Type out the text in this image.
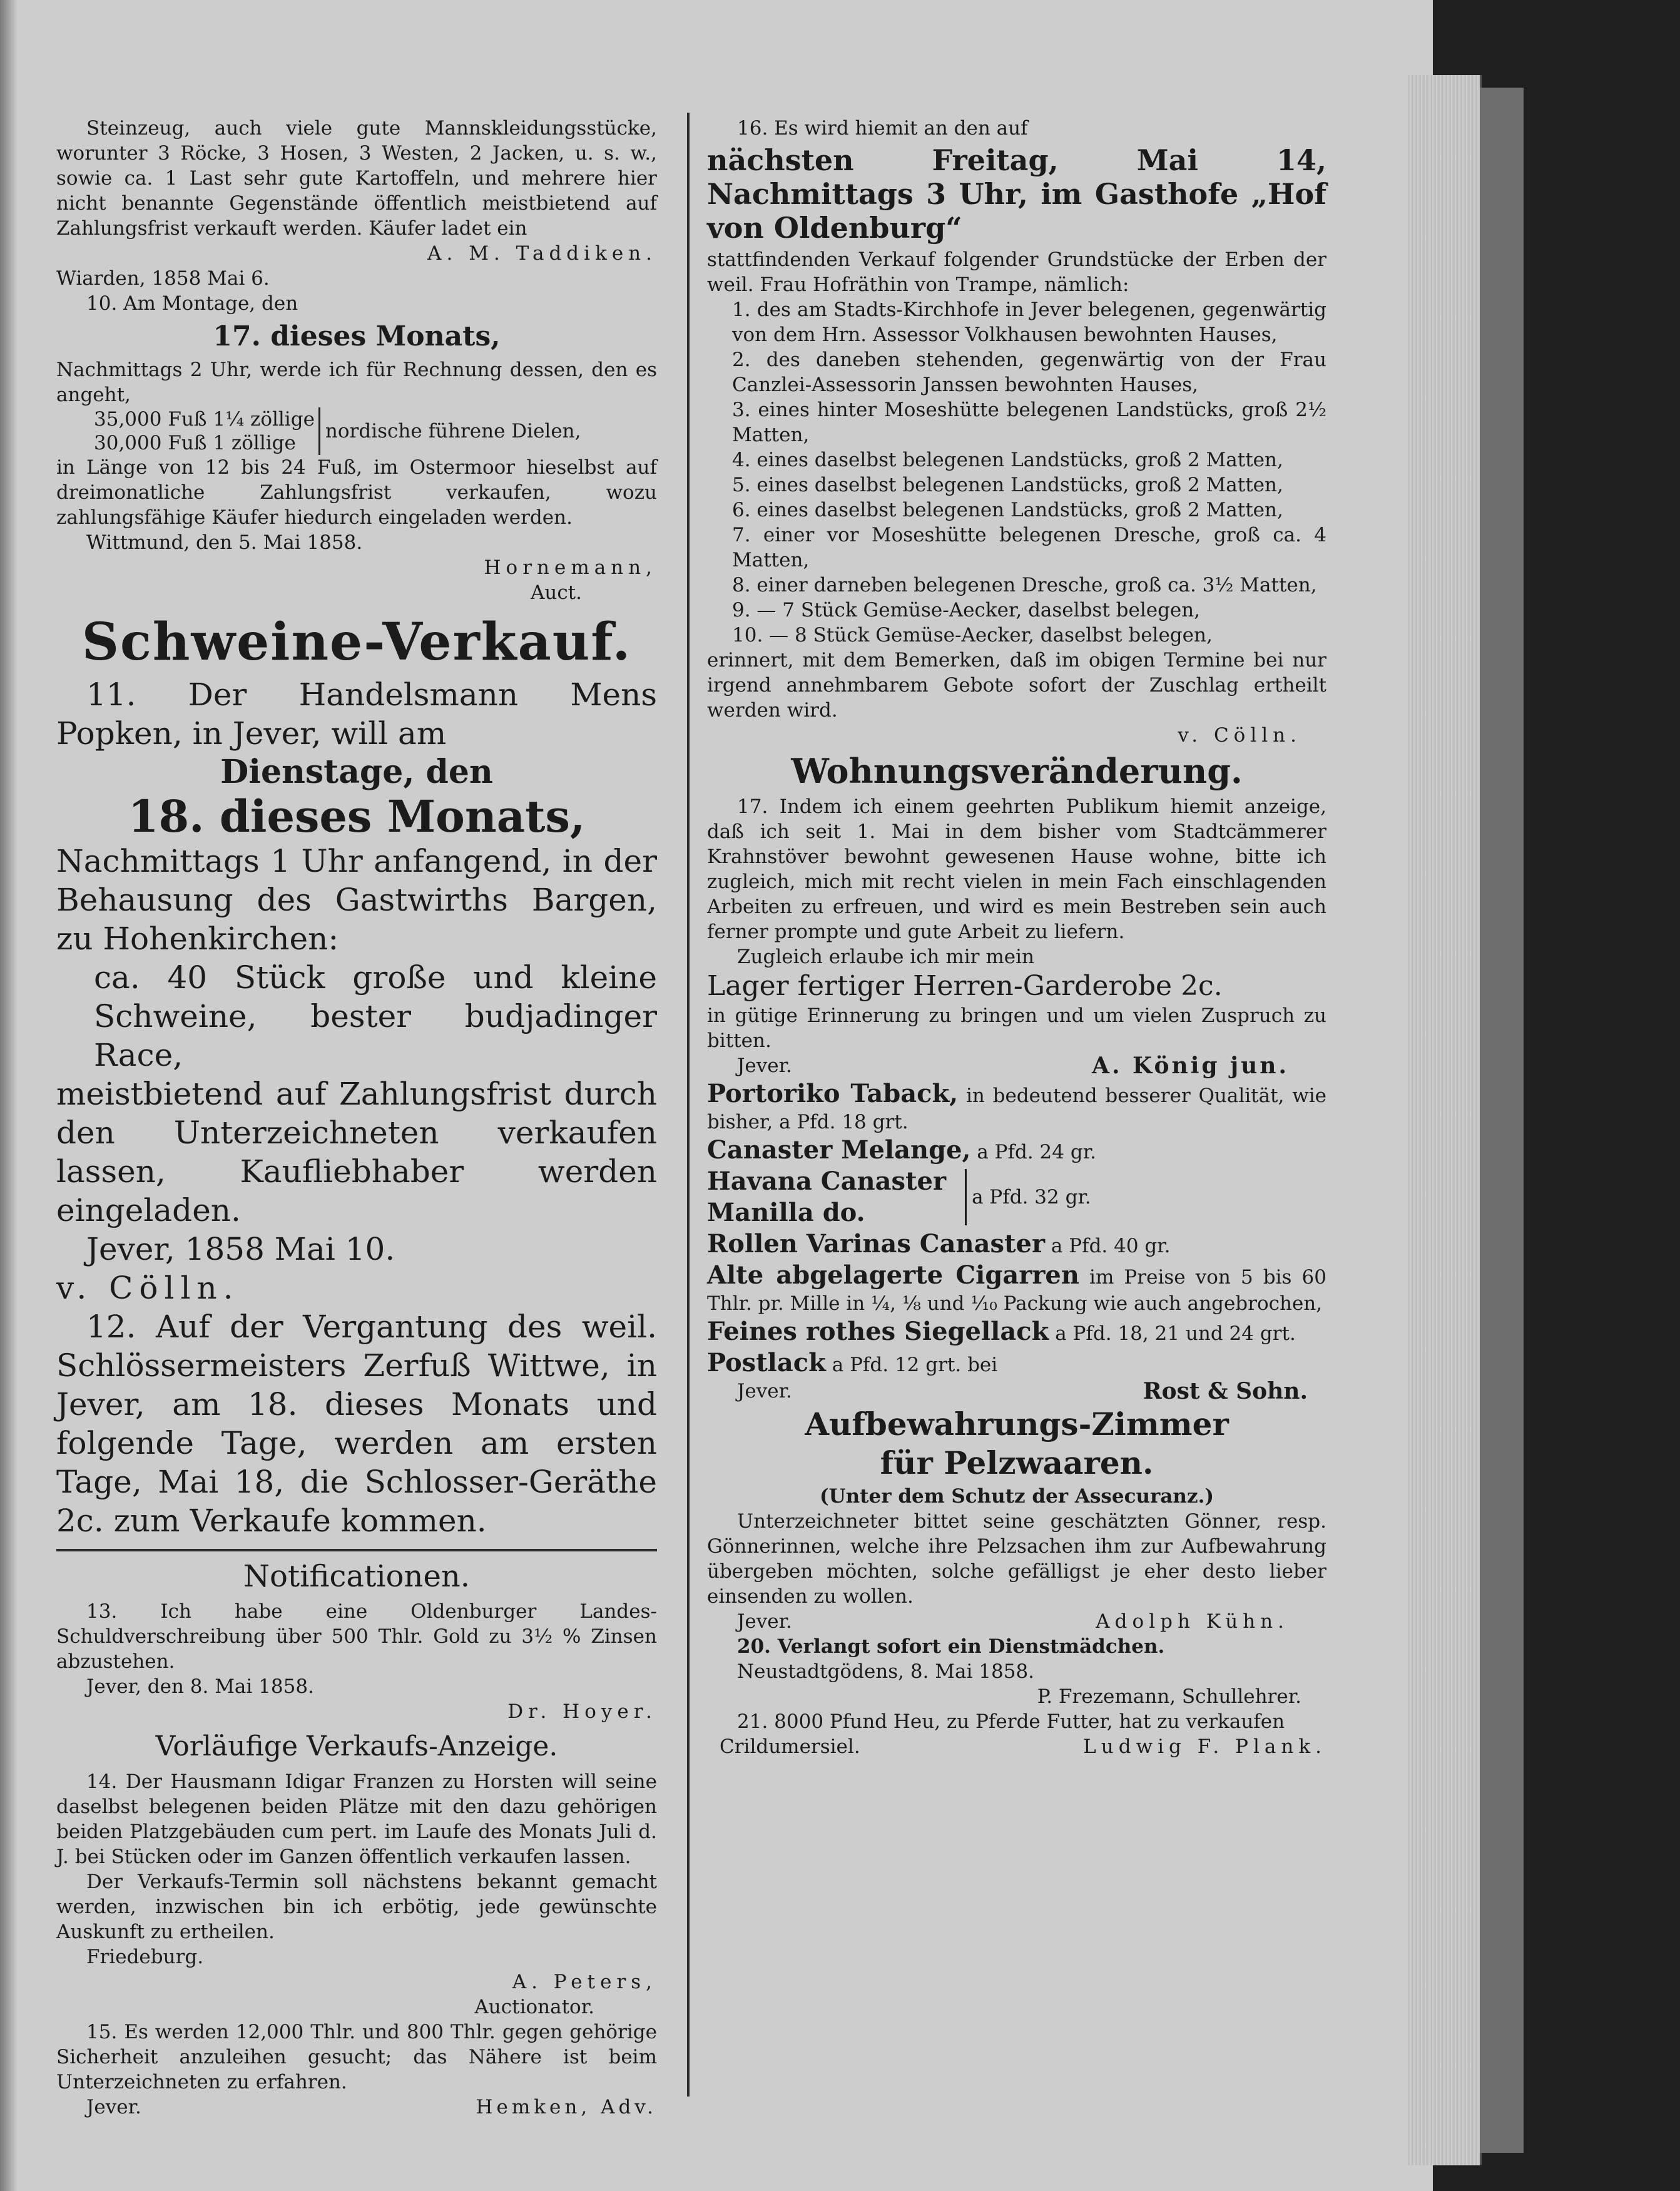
Steinzeug, auch viele gute Mannskleidungsstücke, worunter 3 Röcke, 3 Hosen, 3 Westen, 2 Jacken, u. s. w., sowie ca. 1 Last sehr gute Kartoffeln, und mehrere hier nicht benannte Gegenstände öffentlich meistbietend auf Zahlungsfrist verkauft werden. Käufer ladet ein

A. M. Taddiken.

Wiarden, 1858 Mai 6.

10. Am Montage, den

17. dieses Monats,

Nachmittags 2 Uhr, werde ich für Rechnung dessen, den es angeht,

35,000 Fuß 1¼ zöllige
30,000 Fuß 1 zöllige
nordische führene Dielen,

in Länge von 12 bis 24 Fuß, im Ostermoor hieselbst auf dreimonatliche Zahlungsfrist verkaufen, wozu zahlungsfähige Käufer hiedurch eingeladen werden.

Wittmund, den 5. Mai 1858.

Hornemann,

Auct.

Schweine-Verkauf.

11. Der Handelsmann Mens Popken, in Jever, will am

Dienstage, den

18. dieses Monats,

Nachmittags 1 Uhr anfangend, in der Behausung des Gastwirths Bargen, zu Hohenkirchen:

ca. 40 Stück große und kleine Schweine, bester budjadinger Race,

meistbietend auf Zahlungsfrist durch den Unterzeichneten verkaufen lassen, Kaufliebhaber werden eingeladen.

Jever, 1858 Mai 10.

v. Cölln.

12. Auf der Vergantung des weil. Schlössermeisters Zerfuß Wittwe, in Jever, am 18. dieses Monats und folgende Tage, werden am ersten Tage, Mai 18, die Schlosser-Geräthe 2c. zum Verkaufe kommen.

Notificationen.

13. Ich habe eine Oldenburger Landes-Schuldverschreibung über 500 Thlr. Gold zu 3½ % Zinsen abzustehen.

Jever, den 8. Mai 1858.

Dr. Hoyer.

Vorläufige Verkaufs-Anzeige.

14. Der Hausmann Idigar Franzen zu Horsten will seine daselbst belegenen beiden Plätze mit den dazu gehörigen beiden Platzgebäuden cum pert. im Laufe des Monats Juli d. J. bei Stücken oder im Ganzen öffentlich verkaufen lassen.

Der Verkaufs-Termin soll nächstens bekannt gemacht werden, inzwischen bin ich erbötig, jede gewünschte Auskunft zu ertheilen.

Friedeburg.

A. Peters,

Auctionator.

15. Es werden 12,000 Thlr. und 800 Thlr. gegen gehörige Sicherheit anzuleihen gesucht; das Nähere ist beim Unterzeichneten zu erfahren.

Jever.	Hemken, Adv.

16. Es wird hiemit an den auf

nächsten Freitag, Mai 14, Nachmittags 3 Uhr, im Gasthofe „Hof von Oldenburg“

stattfindenden Verkauf folgender Grundstücke der Erben der weil. Frau Hofräthin von Trampe, nämlich:

1. des am Stadts-Kirchhofe in Jever belegenen, gegenwärtig von dem Hrn. Assessor Volkhausen bewohnten Hauses,
2. des daneben stehenden, gegenwärtig von der Frau Canzlei-Assessorin Janssen bewohnten Hauses,
3. eines hinter Moseshütte belegenen Landstücks, groß 2½ Matten,
4. eines daselbst belegenen Landstücks, groß 2 Matten,
5. eines daselbst belegenen Landstücks, groß 2 Matten,
6. eines daselbst belegenen Landstücks, groß 2 Matten,
7. einer vor Moseshütte belegenen Dresche, groß ca. 4 Matten,
8. einer darneben belegenen Dresche, groß ca. 3½ Matten,
9. — 7 Stück Gemüse-Aecker, daselbst belegen,
10. — 8 Stück Gemüse-Aecker, daselbst belegen,

erinnert, mit dem Bemerken, daß im obigen Termine bei nur irgend annehmbarem Gebote sofort der Zuschlag ertheilt werden wird.

v. Cölln.

Wohnungsveränderung.

17. Indem ich einem geehrten Publikum hiemit anzeige, daß ich seit 1. Mai in dem bisher vom Stadtcämmerer Krahnstöver bewohnt gewesenen Hause wohne, bitte ich zugleich, mich mit recht vielen in mein Fach einschlagenden Arbeiten zu erfreuen, und wird es mein Bestreben sein auch ferner prompte und gute Arbeit zu liefern.

Zugleich erlaube ich mir mein

Lager fertiger Herren-Garderobe 2c.

in gütige Erinnerung zu bringen und um vielen Zuspruch zu bitten.

Jever.	A. König jun.

Portoriko Taback, in bedeutend besserer Qualität, wie bisher, a Pfd. 18 grt.

Canaster Melange, a Pfd. 24 gr.

Havana Canaster
Manilla do.
a Pfd. 32 gr.

Rollen Varinas Canaster a Pfd. 40 gr.

Alte abgelagerte Cigarren im Preise von 5 bis 60 Thlr. pr. Mille in ¼, ⅛ und ⅒ Packung wie auch angebrochen,

Feines rothes Siegellack a Pfd. 18, 21 und 24 grt.

Postlack a Pfd. 12 grt. bei

Jever.	Rost & Sohn.

Aufbewahrungs-Zimmer

für Pelzwaaren.

(Unter dem Schutz der Assecuranz.)

Unterzeichneter bittet seine geschätzten Gönner, resp. Gönnerinnen, welche ihre Pelzsachen ihm zur Aufbewahrung übergeben möchten, solche gefälligst je eher desto lieber einsenden zu wollen.

Jever.	Adolph Kühn.

20. Verlangt sofort ein Dienstmädchen.

Neustadtgödens, 8. Mai 1858.

P. Frezemann, Schullehrer.

21. 8000 Pfund Heu, zu Pferde Futter, hat zu verkaufen

Crildumersiel.	Ludwig F. Plank.
